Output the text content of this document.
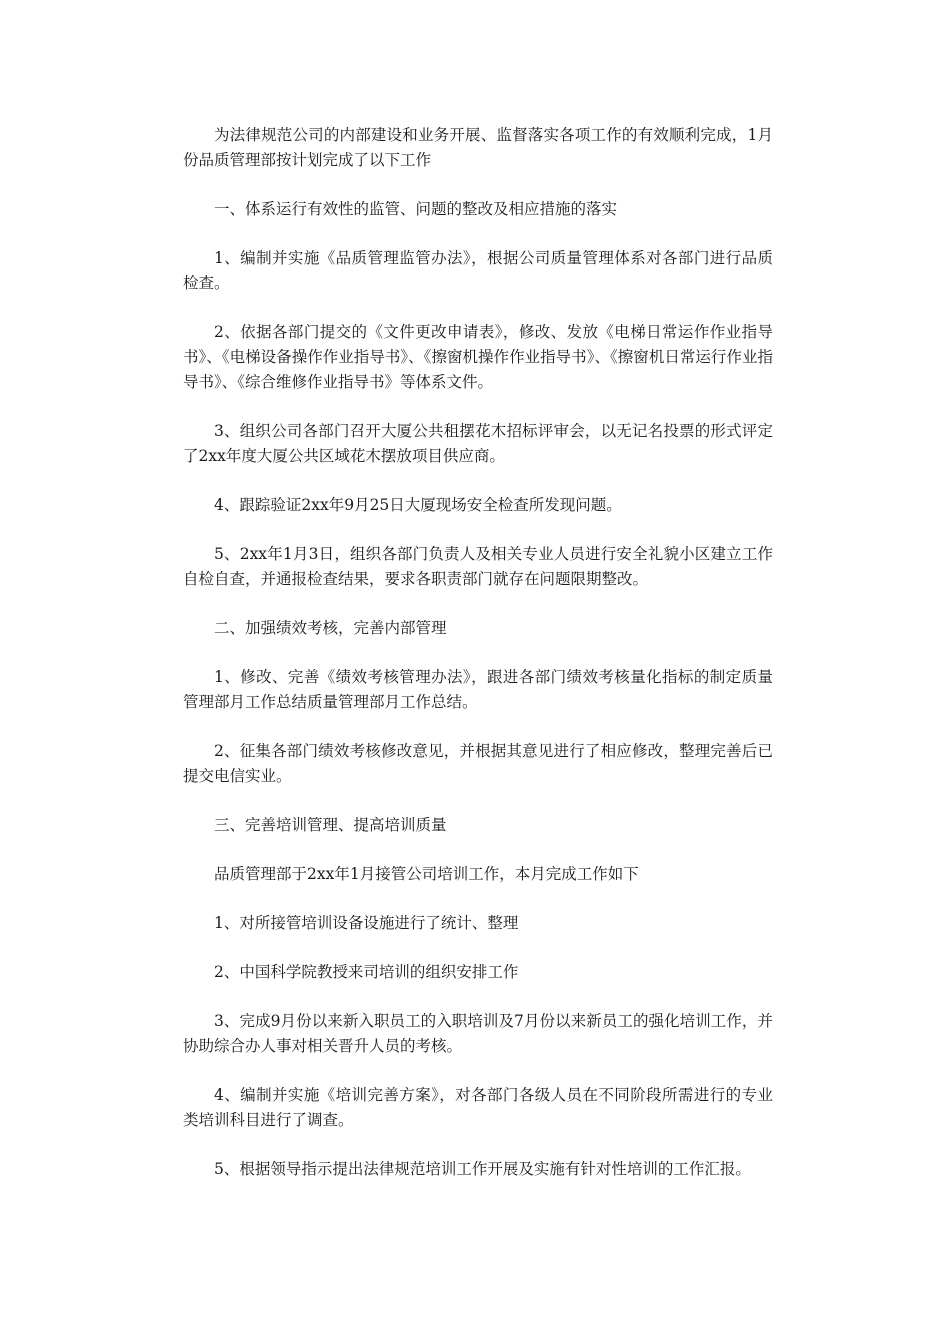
为法律规范公司的内部建设和业务开展、监督落实各项工作的有效顺利完成，1月份品质管理部按计划完成了以下工作

一、体系运行有效性的监管、问题的整改及相应措施的落实

1、编制并实施《品质管理监管办法》，根据公司质量管理体系对各部门进行品质检查。

2、依据各部门提交的《文件更改申请表》，修改、发放《电梯日常运作作业指导书》、《电梯设备操作作业指导书》、《擦窗机操作作业指导书》、《擦窗机日常运行作业指导书》、《综合维修作业指导书》等体系文件。

3、组织公司各部门召开大厦公共租摆花木招标评审会，以无记名投票的形式评定了2xx年度大厦公共区域花木摆放项目供应商。

4、跟踪验证2xx年9月25日大厦现场安全检查所发现问题。

5、2xx年1月3日，组织各部门负责人及相关专业人员进行安全礼貌小区建立工作自检自查，并通报检查结果，要求各职责部门就存在问题限期整改。

二、加强绩效考核，完善内部管理

1、修改、完善《绩效考核管理办法》，跟进各部门绩效考核量化指标的制定质量管理部月工作总结质量管理部月工作总结。

2、征集各部门绩效考核修改意见，并根据其意见进行了相应修改，整理完善后已提交电信实业。

三、完善培训管理、提高培训质量

品质管理部于2xx年1月接管公司培训工作，本月完成工作如下

1、对所接管培训设备设施进行了统计、整理

2、中国科学院教授来司培训的组织安排工作

3、完成9月份以来新入职员工的入职培训及7月份以来新员工的强化培训工作，并协助综合办人事对相关晋升人员的考核。

4、编制并实施《培训完善方案》，对各部门各级人员在不同阶段所需进行的专业类培训科目进行了调查。

5、根据领导指示提出法律规范培训工作开展及实施有针对性培训的工作汇报。
